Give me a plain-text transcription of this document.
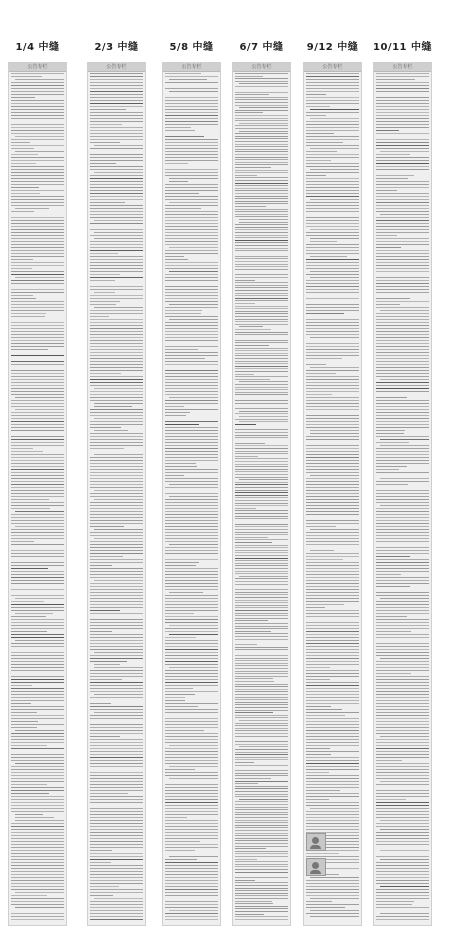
1/4 中缝
公告专栏
2/3 中缝
公告专栏
5/8 中缝
公告专栏
6/7 中缝
公告专栏
9/12 中缝
公告专栏
10/11 中缝
公告专栏
